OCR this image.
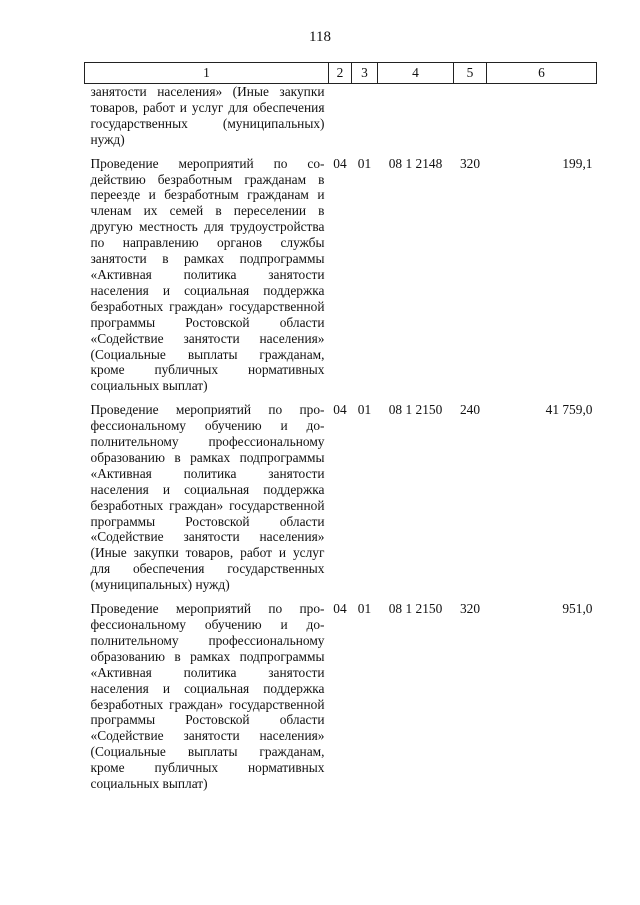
118
1	2	3	4	5	6
занятости населения» (Иные закупки товаров, работ и услуг для обеспечения государственных (муниципальных) нужд)					
Проведение мероприятий по содействию безработным гражданам в переезде и безработным гражданам и членам их семей в переселении в другую местность для трудоустройства по направлению органов службы занятости в рамках подпрограммы «Активная политика занятости населения и социальная поддержка безработных граждан» государственной программы Ростовской области «Содействие занятости населения» (Социальные выплаты гражданам, кроме публичных нормативных социальных выплат)	04	01	08 1 2148	320	199,1
Проведение мероприятий по профессиональному обучению и дополнительному профессиональному образованию в рамках подпрограммы «Активная политика занятости населения и социальная поддержка безработных граждан» государственной программы Ростовской области «Содействие занятости населения» (Иные закупки товаров, работ и услуг для обеспечения государственных (муниципальных) нужд)	04	01	08 1 2150	240	41 759,0
Проведение мероприятий по профессиональному обучению и дополнительному профессиональному образованию в рамках подпрограммы «Активная политика занятости населения и социальная поддержка безработных граждан» государственной программы Ростовской области «Содействие занятости населения» (Социальные выплаты гражданам, кроме публичных нормативных социальных выплат)	04	01	08 1 2150	320	951,0
